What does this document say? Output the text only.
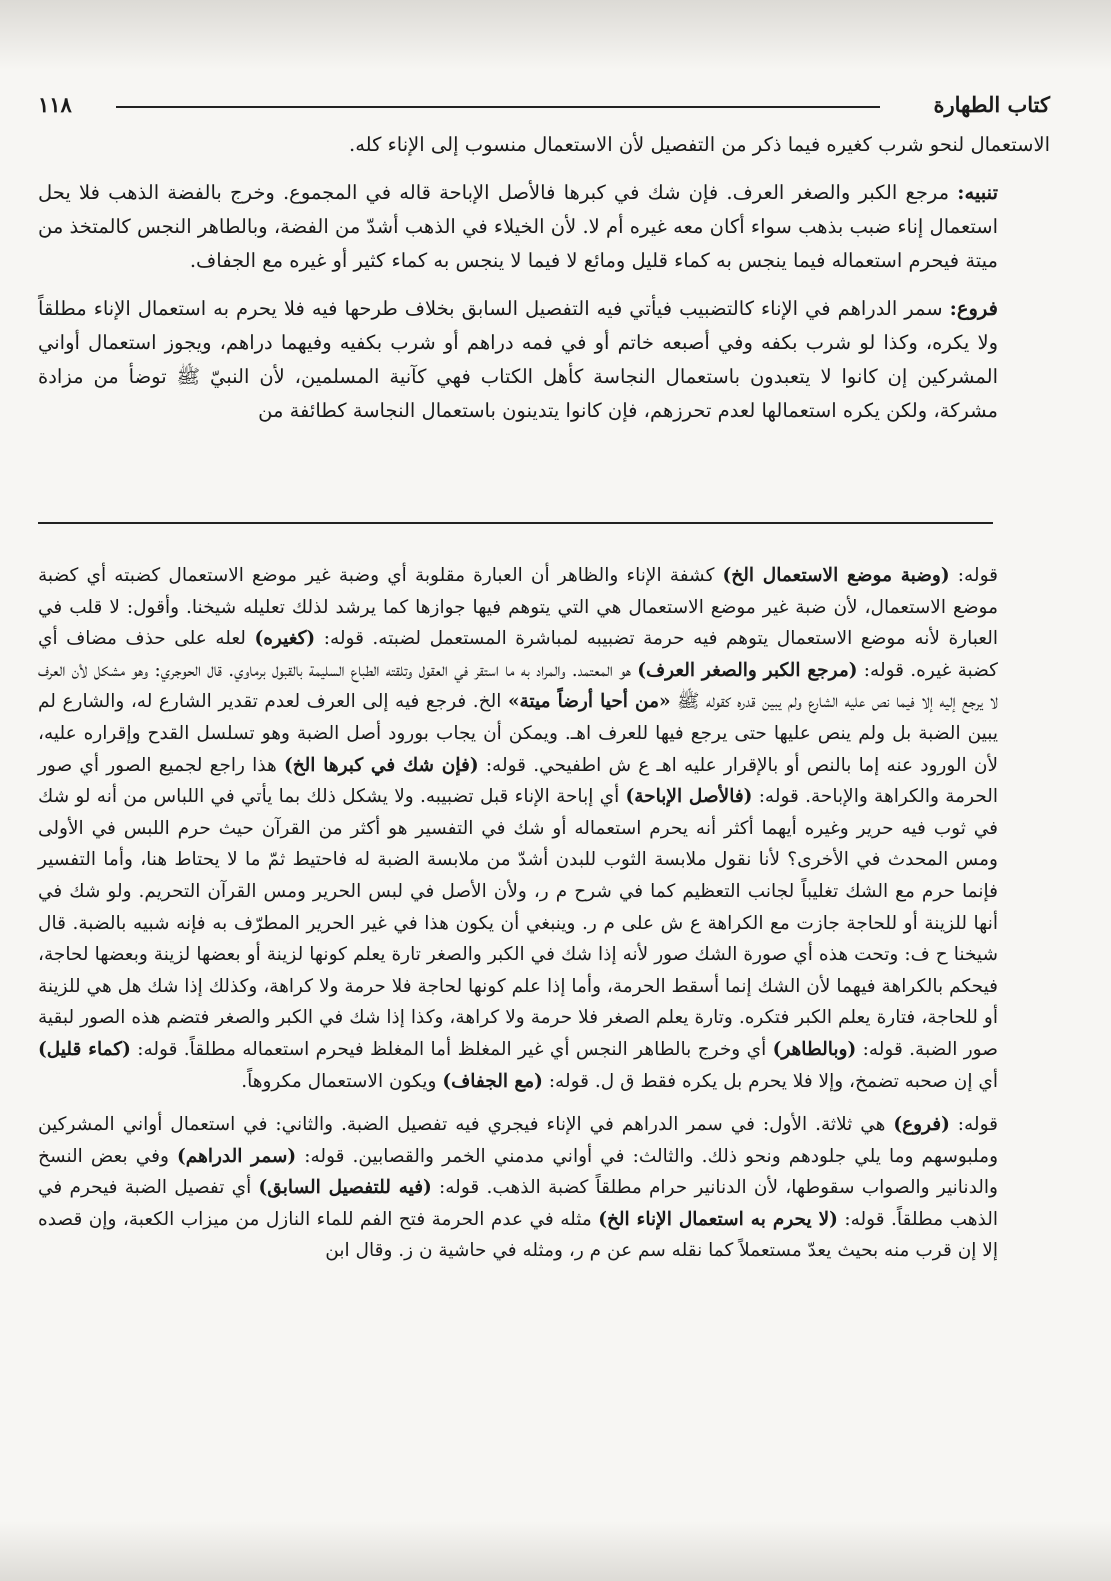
كتاب الطهارة
١١٨

الاستعمال لنحو شرب كغيره فيما ذكر من التفصيل لأن الاستعمال منسوب إلى الإناء كله.

تنبيه: مرجع الكبر والصغر العرف. فإن شك في كبرها فالأصل الإباحة قاله في المجموع. وخرج بالفضة الذهب فلا يحل استعمال إناء ضبب بذهب سواء أكان معه غيره أم لا. لأن الخيلاء في الذهب أشدّ من الفضة، وبالطاهر النجس كالمتخذ من ميتة فيحرم استعماله فيما ينجس به كماء قليل ومائع لا فيما لا ينجس به كماء كثير أو غيره مع الجفاف.

فروع: سمر الدراهم في الإناء كالتضبيب فيأتي فيه التفصيل السابق بخلاف طرحها فيه فلا يحرم به استعمال الإناء مطلقاً ولا يكره، وكذا لو شرب بكفه وفي أصبعه خاتم أو في فمه دراهم أو شرب بكفيه وفيهما دراهم، ويجوز استعمال أواني المشركين إن كانوا لا يتعبدون باستعمال النجاسة كأهل الكتاب فهي كآنية المسلمين، لأن النبيّ ﷺ توضأ من مزادة مشركة، ولكن يكره استعمالها لعدم تحرزهم، فإن كانوا يتدينون باستعمال النجاسة كطائفة من

قوله: (وضبة موضع الاستعمال الخ) كشفة الإناء والظاهر أن العبارة مقلوبة أي وضبة غير موضع الاستعمال كضبته أي كضبة موضع الاستعمال، لأن ضبة غير موضع الاستعمال هي التي يتوهم فيها جوازها كما يرشد لذلك تعليله شيخنا. وأقول: لا قلب في العبارة لأنه موضع الاستعمال يتوهم فيه حرمة تضبيبه لمباشرة المستعمل لضبته. قوله: (كغيره) لعله على حذف مضاف أي كضبة غيره. قوله: (مرجع الكبر والصغر العرف) هو المعتمد. والمراد به ما استقر في العقول وتلقته الطباع السليمة بالقبول برماوي. قال الحوجري: وهو مشكل لأن العرف لا يرجع إليه إلا فيما نص عليه الشارع ولم يبين قدره كقوله ﷺ «من أحيا أرضاً ميتة» الخ. فرجع فيه إلى العرف لعدم تقدير الشارع له، والشارع لم يبين الضبة بل ولم ينص عليها حتى يرجع فيها للعرف اهـ. ويمكن أن يجاب بورود أصل الضبة وهو تسلسل القدح وإقراره عليه، لأن الورود عنه إما بالنص أو بالإقرار عليه اهـ ع ش اطفيحي. قوله: (فإن شك في كبرها الخ) هذا راجع لجميع الصور أي صور الحرمة والكراهة والإباحة. قوله: (فالأصل الإباحة) أي إباحة الإناء قبل تضبيبه. ولا يشكل ذلك بما يأتي في اللباس من أنه لو شك في ثوب فيه حرير وغيره أيهما أكثر أنه يحرم استعماله أو شك في التفسير هو أكثر من القرآن حيث حرم اللبس في الأولى ومس المحدث في الأخرى؟ لأنا نقول ملابسة الثوب للبدن أشدّ من ملابسة الضبة له فاحتيط ثمّ ما لا يحتاط هنا، وأما التفسير فإنما حرم مع الشك تغليباً لجانب التعظيم كما في شرح م ر، ولأن الأصل في لبس الحرير ومس القرآن التحريم. ولو شك في أنها للزينة أو للحاجة جازت مع الكراهة ع ش على م ر. وينبغي أن يكون هذا في غير الحرير المطرّف به فإنه شبيه بالضبة. قال شيخنا ح ف: وتحت هذه أي صورة الشك صور لأنه إذا شك في الكبر والصغر تارة يعلم كونها لزينة أو بعضها لزينة وبعضها لحاجة، فيحكم بالكراهة فيهما لأن الشك إنما أسقط الحرمة، وأما إذا علم كونها لحاجة فلا حرمة ولا كراهة، وكذلك إذا شك هل هي للزينة أو للحاجة، فتارة يعلم الكبر فتكره. وتارة يعلم الصغر فلا حرمة ولا كراهة، وكذا إذا شك في الكبر والصغر فتضم هذه الصور لبقية صور الضبة. قوله: (وبالطاهر) أي وخرج بالطاهر النجس أي غير المغلظ أما المغلظ فيحرم استعماله مطلقاً. قوله: (كماء قليل) أي إن صحبه تضمخ، وإلا فلا يحرم بل يكره فقط ق ل. قوله: (مع الجفاف) ويكون الاستعمال مكروهاً.

قوله: (فروع) هي ثلاثة. الأول: في سمر الدراهم في الإناء فيجري فيه تفصيل الضبة. والثاني: في استعمال أواني المشركين وملبوسهم وما يلي جلودهم ونحو ذلك. والثالث: في أواني مدمني الخمر والقصابين. قوله: (سمر الدراهم) وفي بعض النسخ والدنانير والصواب سقوطها، لأن الدنانير حرام مطلقاً كضبة الذهب. قوله: (فيه للتفصيل السابق) أي تفصيل الضبة فيحرم في الذهب مطلقاً. قوله: (لا يحرم به استعمال الإناء الخ) مثله في عدم الحرمة فتح الفم للماء النازل من ميزاب الكعبة، وإن قصده إلا إن قرب منه بحيث يعدّ مستعملاً كما نقله سم عن م ر، ومثله في حاشية ن ز. وقال ابن
